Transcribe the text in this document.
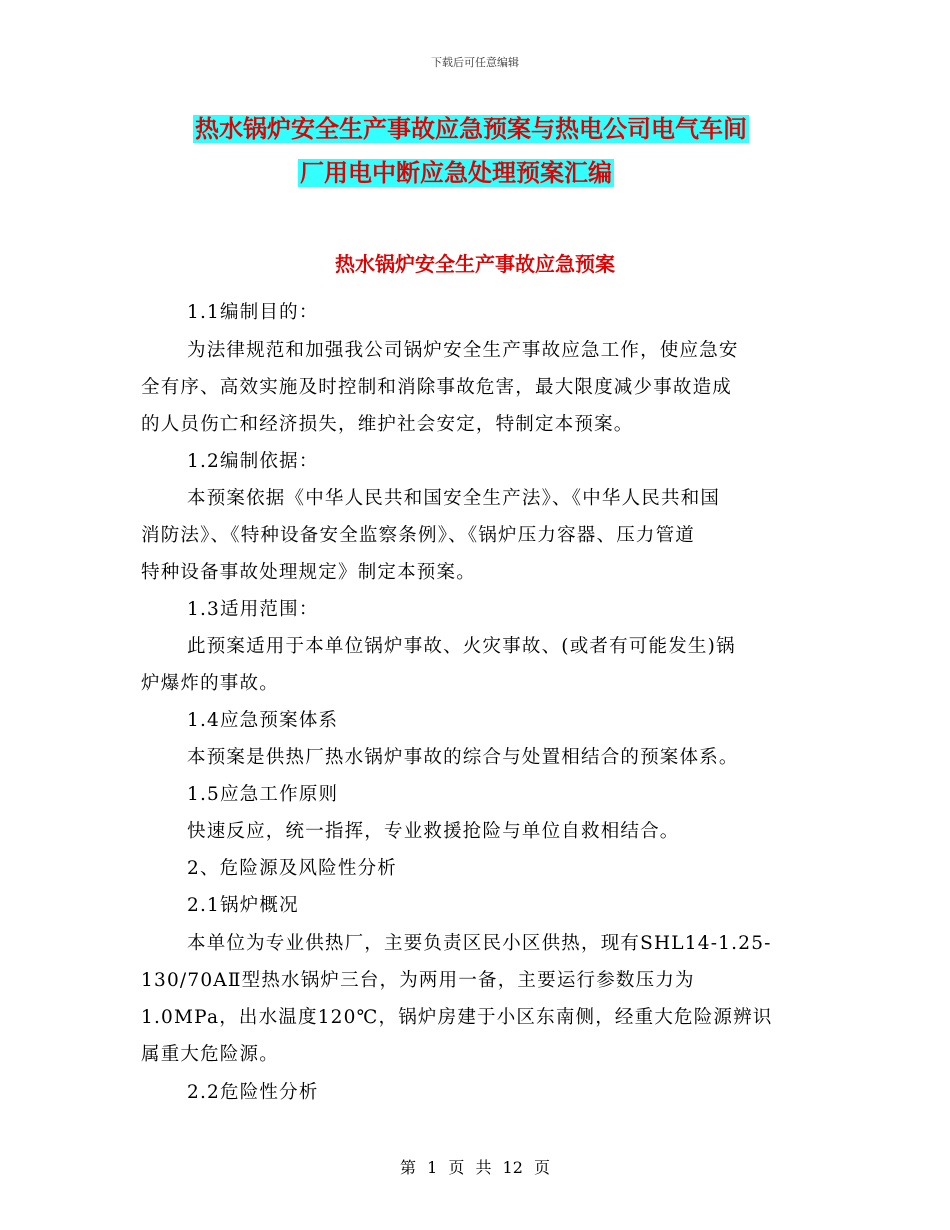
下载后可任意编辑
热水锅炉安全生产事故应急预案与热电公司电气车间
厂用电中断应急处理预案汇编
热水锅炉安全生产事故应急预案
1.1编制目的：
为法律规范和加强我公司锅炉安全生产事故应急工作，使应急安
全有序、高效实施及时控制和消除事故危害，最大限度减少事故造成
的人员伤亡和经济损失，维护社会安定，特制定本预案。
1.2编制依据：
本预案依据《中华人民共和国安全生产法》、《中华人民共和国
消防法》、《特种设备安全监察条例》、《锅炉压力容器、压力管道
特种设备事故处理规定》制定本预案。
1.3适用范围：
此预案适用于本单位锅炉事故、火灾事故、(或者有可能发生)锅
炉爆炸的事故。
1.4应急预案体系
本预案是供热厂热水锅炉事故的综合与处置相结合的预案体系。
1.5应急工作原则
快速反应，统一指挥，专业救援抢险与单位自救相结合。
2、危险源及风险性分析
2.1锅炉概况
本单位为专业供热厂，主要负责区民小区供热，现有SHL14-1.25-
130/70AⅡ型热水锅炉三台，为两用一备，主要运行参数压力为
1.0MPa，出水温度120℃，锅炉房建于小区东南侧，经重大危险源辨识
属重大危险源。
2.2危险性分析
第 1 页 共 12 页
